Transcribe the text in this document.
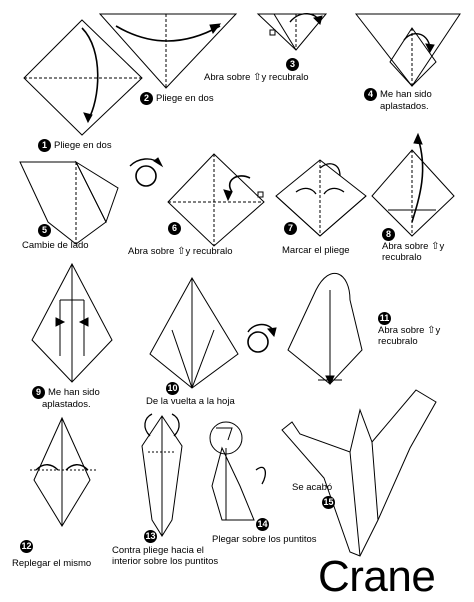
1 Pliege en dos
2 Pliege en dos
3
Abra sobre ⇧y recubralo
4 Me han sido
aplastados.
5
Cambie de lado
6
Abra sobre ⇧y recubralo
7
Marcar el pliege
8
Abra sobre ⇧y
recubralo
9 Me han sido
aplastados.
10
De la vuelta a la hoja
11
Abra sobre ⇧y
recubralo
12
Replegar el mismo
13
Contra pliege hacia el
interior sobre los puntitos
14
Plegar sobre los puntitos
Se acabó
15
Crane
